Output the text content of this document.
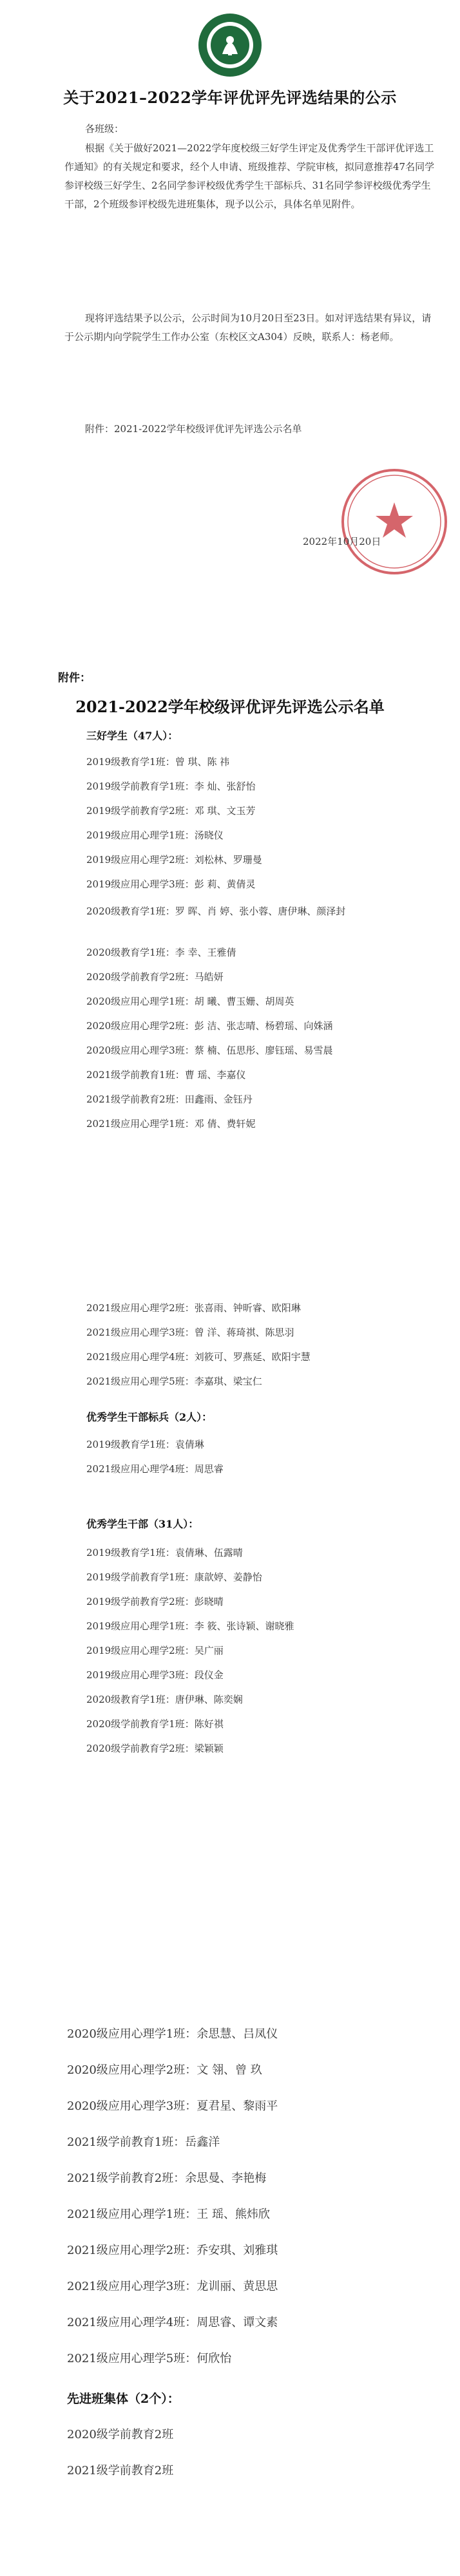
关于2021–2022学年评优评先评选结果的公示
各班级：
根据《关于做好2021—2022学年度校级三好学生评定及优秀学生干部评优评选工作通知》的有关规定和要求，经个人申请、班级推荐、学院审核，拟同意推荐47名同学参评校级三好学生、2名同学参评校级优秀学生干部标兵、31名同学参评校级优秀学生干部，2个班级参评校级先进班集体，现予以公示，具体名单见附件。
现将评选结果予以公示，公示时间为10月20日至23日。如对评选结果有异议，请于公示期内向学院学生工作办公室（东校区文A304）反映，联系人：杨老师。
附件：2021-2022学年校级评优评先评选公示名单
2022年10月20日
附件：
2021-2022学年校级评优评先评选公示名单
三好学生（47人）：
2019级教育学1班：曾 琪、陈 祎
2019级学前教育学1班：李 灿、张舒怡
2019级学前教育学2班：邓 琪、文玉芳
2019级应用心理学1班：汤晓仪
2019级应用心理学2班：刘松林、罗珊曼
2019级应用心理学3班：彭 莉、黄倩灵
2020级教育学1班：罗 晖、肖 婷、张小蓉、唐伊琳、颜泽封
2020级教育学1班：李 幸、王雅倩
2020级学前教育学2班：马皓妍
2020级应用心理学1班：胡 曦、曹玉姗、胡周英
2020级应用心理学2班：彭 洁、张志晴、杨碧瑶、向姝涵
2020级应用心理学3班：蔡 楠、伍思彤、廖钰瑶、易雪晨
2021级学前教育1班：曹 瑶、李嘉仪
2021级学前教育2班：田鑫雨、金钰丹
2021级应用心理学1班：邓 倩、费轩妮
2021级应用心理学2班：张喜雨、钟昕睿、欧阳琳
2021级应用心理学3班：曾 洋、蒋琦祺、陈思羽
2021级应用心理学4班：刘筱可、罗燕延、欧阳宇慧
2021级应用心理学5班：李嘉琪、梁宝仁
优秀学生干部标兵（2人）：
2019级教育学1班：袁倩琳
2021级应用心理学4班：周思睿
优秀学生干部（31人）：
2019级教育学1班：袁倩琳、伍露晴
2019级学前教育学1班：康歆婷、姜静怡
2019级学前教育学2班：彭晓晴
2019级应用心理学1班：李 筱、张诗颖、谢晓雅
2019级应用心理学2班：吴广丽
2019级应用心理学3班：段仪金
2020级教育学1班：唐伊琳、陈奕娴
2020级学前教育学1班：陈好祺
2020级学前教育学2班：梁颖颖
2020级应用心理学1班：余思慧、吕凤仪
2020级应用心理学2班：文 翎、曾 玖
2020级应用心理学3班：夏君星、黎雨平
2021级学前教育1班：岳鑫洋
2021级学前教育2班：余思曼、李艳梅
2021级应用心理学1班：王 瑶、熊炜欣
2021级应用心理学2班：乔安琪、刘雅琪
2021级应用心理学3班：龙训丽、黄思思
2021级应用心理学4班：周思睿、谭文素
2021级应用心理学5班：何欣怡
先进班集体（2个）：
2020级学前教育2班
2021级学前教育2班
